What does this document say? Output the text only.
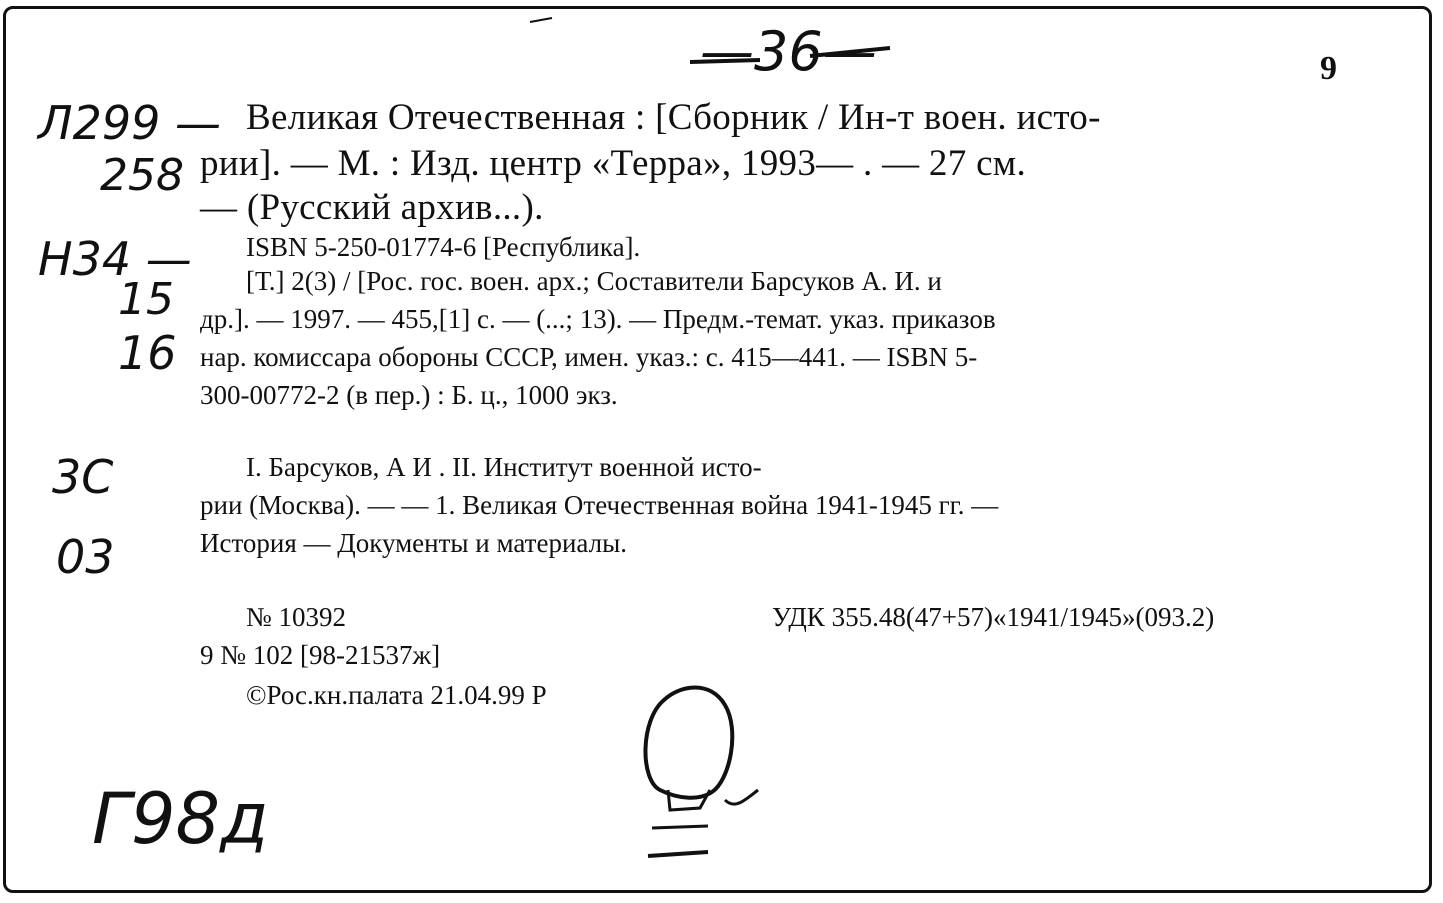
—36—
Л299 —
258
Н34 —
15
16
3С
03
Г98д
9
Великая Отечественная : [Сборник / Ин-т воен. исто-
рии]. — М. : Изд. центр «Терра», 1993— . — 27 см.
— (Русский архив...).
ISBN 5-250-01774-6 [Республика].
[Т.] 2(3) / [Рос. гос. воен. арх.; Составители Барсуков А. И. и
др.]. — 1997. — 455,[1] с. — (...; 13). — Предм.-темат. указ. приказов
нар. комиссара обороны СССР, имен. указ.: с. 415—441. — ISBN 5-
300-00772-2 (в пер.) : Б. ц., 1000 экз.
I. Барсуков, А И . II. Институт военной исто-
рии (Москва). — — 1. Великая Отечественная война 1941-1945 гг. —
История — Документы и материалы.
№ 10392	УДК 355.48(47+57)«1941/1945»(093.2)
9 № 102 [98-21537ж]
©Рос.кн.палата 21.04.99 Р
